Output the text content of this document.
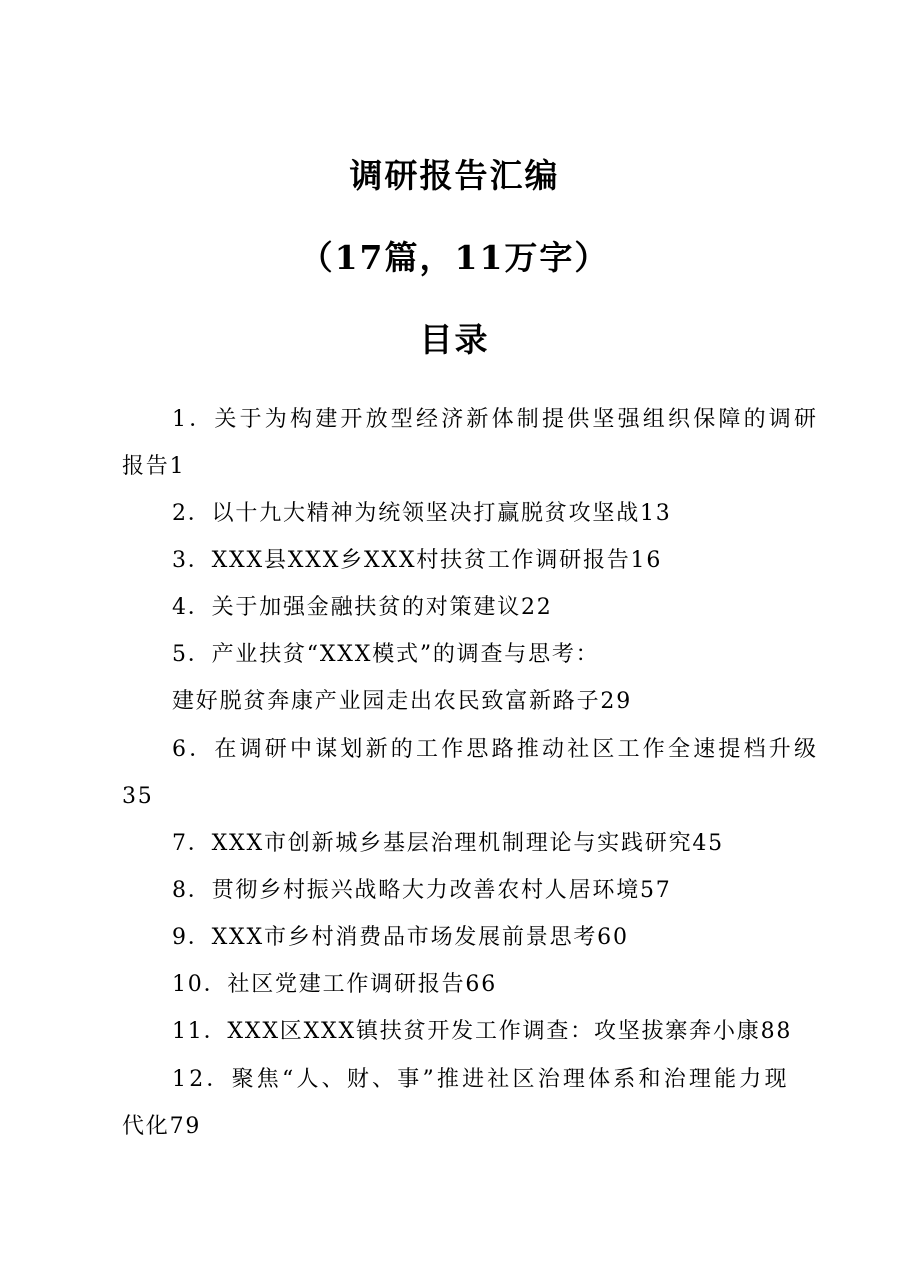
调研报告汇编
（17篇，11万字）
目录
1．关于为构建开放型经济新体制提供坚强组织保障的调研
报告1
2．以十九大精神为统领坚决打赢脱贫攻坚战13
3．XXX县XXX乡XXX村扶贫工作调研报告16
4．关于加强金融扶贫的对策建议22
5．产业扶贫“XXX模式”的调查与思考：
建好脱贫奔康产业园走出农民致富新路子29
6．在调研中谋划新的工作思路推动社区工作全速提档升级
35
7．XXX市创新城乡基层治理机制理论与实践研究45
8．贯彻乡村振兴战略大力改善农村人居环境57
9．XXX市乡村消费品市场发展前景思考60
10．社区党建工作调研报告66
11．XXX区XXX镇扶贫开发工作调查：攻坚拔寨奔小康88
12．聚焦“人、财、事”推进社区治理体系和治理能力现
代化79
